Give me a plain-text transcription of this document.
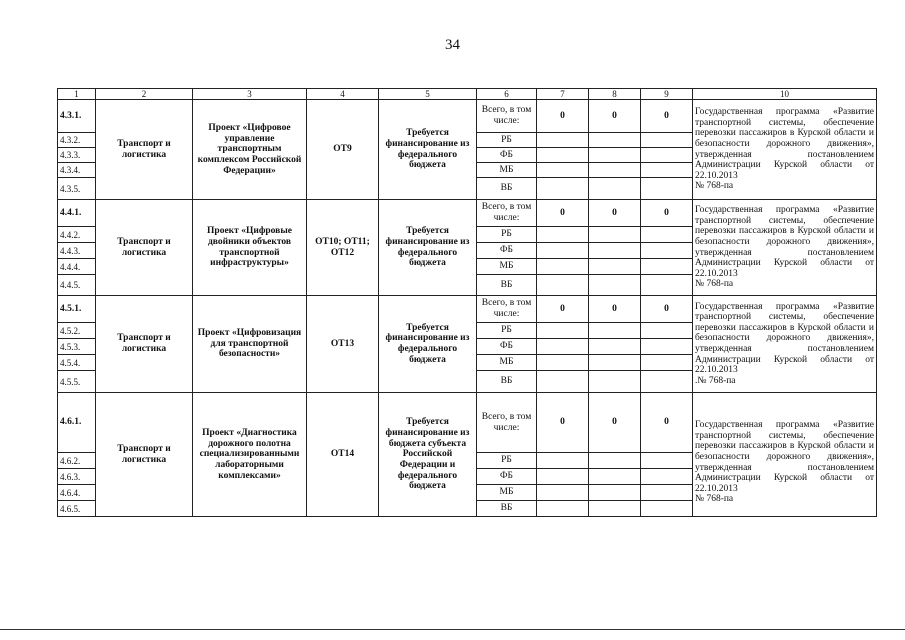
34
1	2	3	4	5	6	7	8	9	10
4.3.1.	Транспорт и логистика	Проект «Цифровое управление транспортным комплексом Российской Федерации»	ОТ9	Требуется финансирование из федерального бюджета	Всего, в том числе:	0	0	0	Государственная программа «Развитие транспортной системы, обеспечение перевозки пассажиров в Курской области и безопасности дорожного движения», утвержденная постановлением Администрации Курской области от 22.10.2013
№ 768-па

4.3.2.					РБ				
4.3.3.					ФБ				
4.3.4.					МБ				
4.3.5.					ВБ				
4.4.1.	Транспорт и логистика	Проект «Цифровые двойники объектов транспортной инфраструктуры»	ОТ10; ОТ11; ОТ12	Требуется финансирование из федерального бюджета	Всего, в том числе:	0	0	0	Государственная программа «Развитие транспортной системы, обеспечение перевозки пассажиров в Курской области и безопасности дорожного движения», утвержденная постановлением Администрации Курской области от 22.10.2013
№ 768-па

4.4.2.					РБ				
4.4.3.					ФБ				
4.4.4.					МБ				
4.4.5.					ВБ				
4.5.1.	Транспорт и логистика	Проект «Цифровизация для транспортной безопасности»	ОТ13	Требуется финансирование из федерального бюджета	Всего, в том числе:	0	0	0	Государственная программа «Развитие транспортной системы, обеспечение перевозки пассажиров в Курской области и безопасности дорожного движения», утвержденная постановлением Администрации Курской области от 22.10.2013
.№ 768-па

4.5.2.					РБ				
4.5.3.					ФБ				
4.5.4.					МБ				
4.5.5.					ВБ				
4.6.1.	Транспорт и логистика	Проект «Диагностика дорожного полотна специализированными лабораторными комплексами»	ОТ14	Требуется финансирование из бюджета субъекта Российской Федерации и федерального бюджета	Всего, в том числе:	0	0	0	Государственная программа «Развитие транспортной системы, обеспечение перевозки пассажиров в Курской области и безопасности дорожного движения», утвержденная постановлением Администрации Курской области от 22.10.2013
№ 768-па

4.6.2.					РБ				
4.6.3.					ФБ				
4.6.4.					МБ				
4.6.5.					ВБ				
